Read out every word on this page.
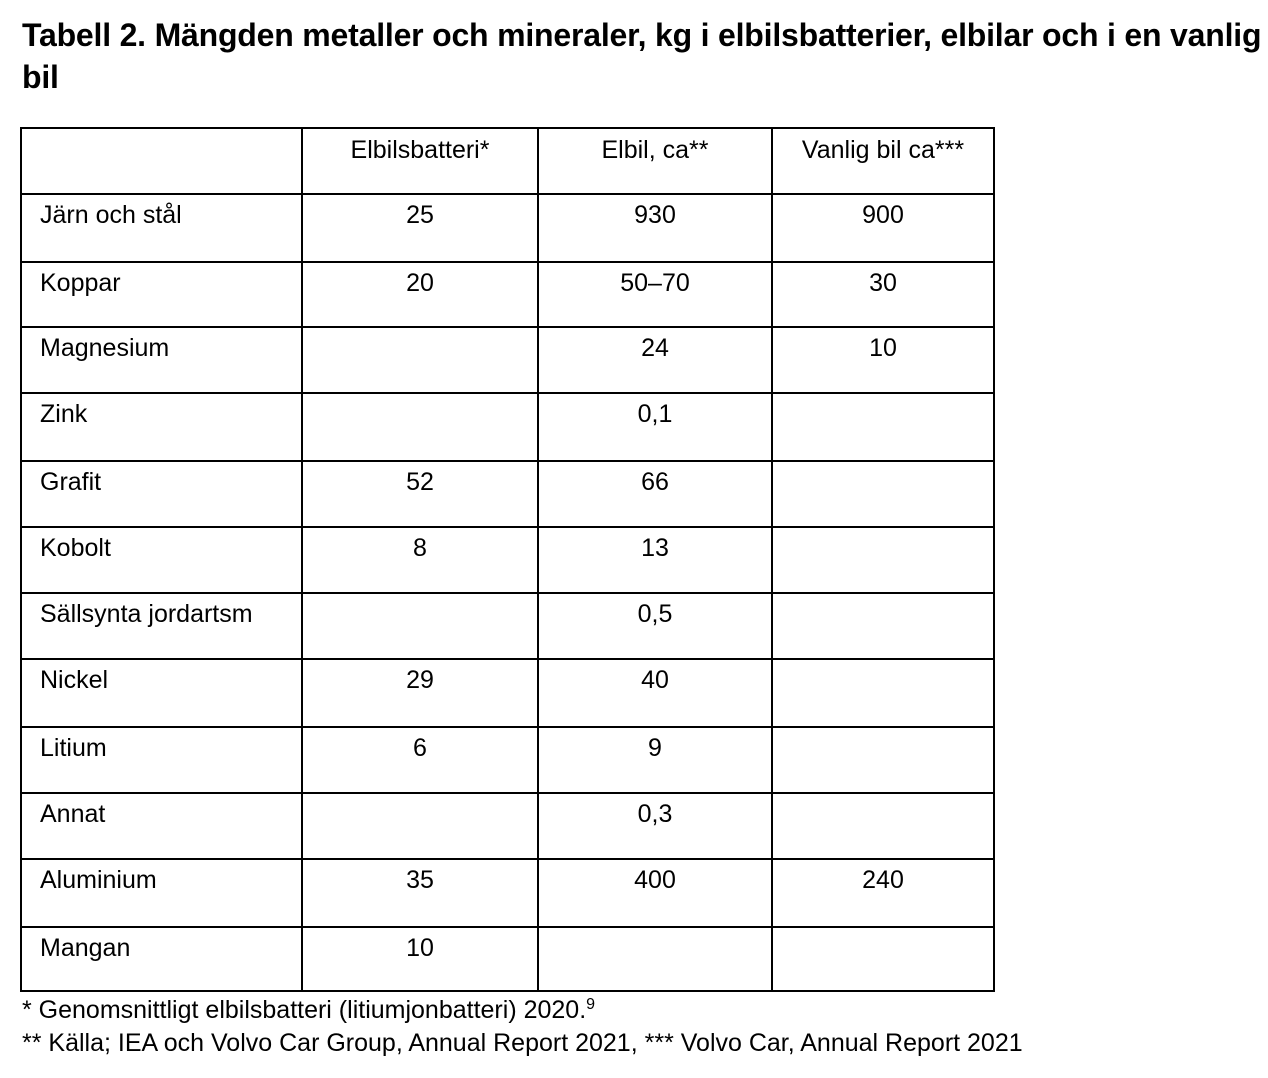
Tabell 2. Mängden metaller och mineraler, kg i elbilsbatterier, elbilar och i en vanlig bil
	Elbilsbatteri*	Elbil, ca**	Vanlig bil ca***
Järn och stål	25	930	900
Koppar	20	50–70	30
Magnesium		24	10
Zink		0,1	
Grafit	52	66	
Kobolt	8	13	
Sällsynta jordartsm		0,5	
Nickel	29	40	
Litium	6	9	
Annat		0,3	
Aluminium	35	400	240
Mangan	10		

* Genomsnittligt elbilsbatteri (litiumjonbatteri) 2020.$^9$

** Källa; IEA och Volvo Car Group, Annual Report 2021, *** Volvo Car, Annual Report 2021
